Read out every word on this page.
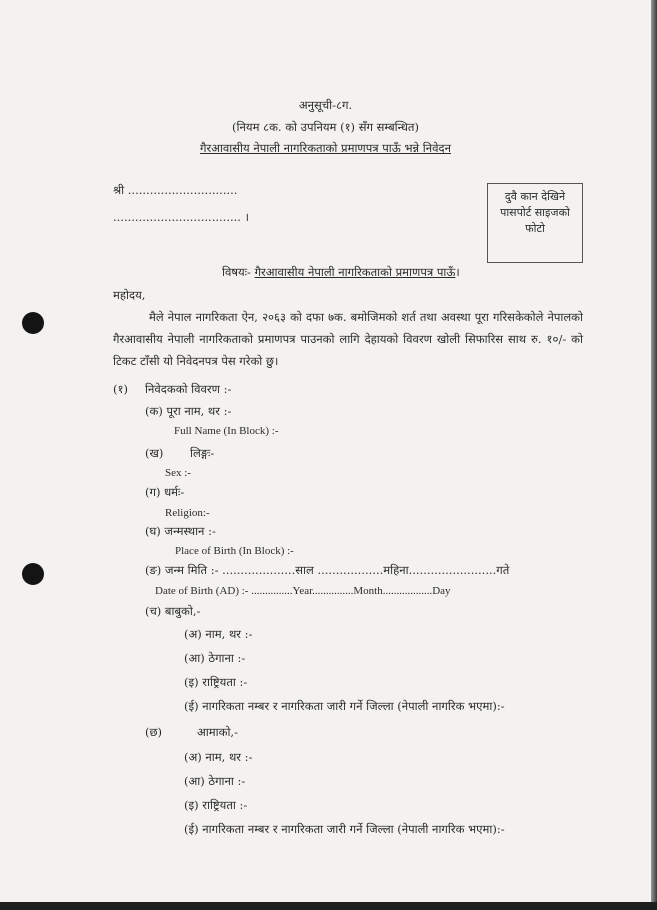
अनुसूची-८ग.
(नियम ८क. को उपनियम (१) सँग सम्बन्धित)
गैरआवासीय नेपाली नागरिकताको प्रमाणपत्र पाऊँ भन्ने निवेदन
श्री ..............................
................................... ।
दुवै कान देखिने
पासपोर्ट साइजको
फोटो
विषयः- गैरआवासीय नेपाली नागरिकताको प्रमाणपत्र पाऊँ।
महोदय,
मैले नेपाल नागरिकता ऐन, २०६३ को दफा ७क. बमोजिमको शर्त तथा अवस्था पूरा गरिसकेकोले नेपालको गैरआवासीय नेपाली नागरिकताको प्रमाणपत्र पाउनको लागि देहायको विवरण खोली सिफारिस साथ रु. १०/- को टिकट टाँसी यो निवेदनपत्र पेस गरेको छु।
(१) निवेदकको विवरण :-
(क) पूरा नाम, थर :-
Full Name (In Block) :-
(ख) लिङ्गः-
Sex :-
(ग) धर्मः-
Religion:-
(घ) जन्मस्थान :-
Place of Birth (In Block) :-
(ङ) जन्म मिति :- ....................साल ..................महिना........................गते
Date of Birth (AD) :- ...............Year...............Month..................Day
(च) बाबुको,-
(अ) नाम, थर :-
(आ) ठेगाना :-
(इ) राष्ट्रियता :-
(ई) नागरिकता नम्बर र नागरिकता जारी गर्ने जिल्ला (नेपाली नागरिक भएमा):-
(छ)	आमाको,-
(अ) नाम, थर :-
(आ) ठेगाना :-
(इ) राष्ट्रियता :-
(ई) नागरिकता नम्बर र नागरिकता जारी गर्ने जिल्ला (नेपाली नागरिक भएमा):-
